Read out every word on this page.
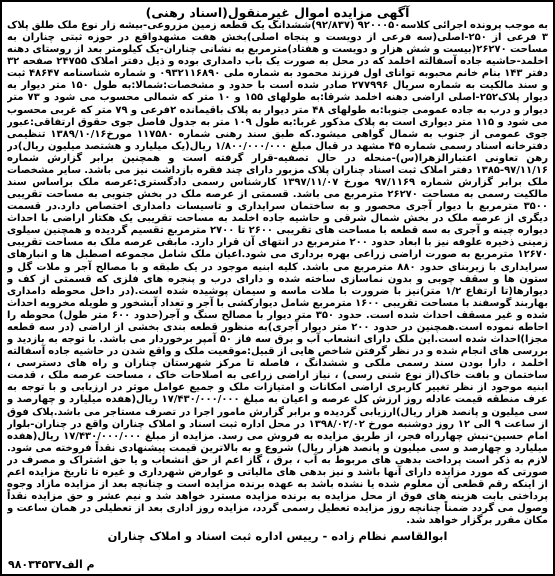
آگهی مزایده اموال غیرمنقول(اسناد رهنی)
به موجب پرونده اجرائی کلاسه۹۲۰۰۰۵۰ (۹۲/۸۳۷)ششدانگ یک قطعه زمین مزروعی-بیشه زار نوع ملک طلق پلاک ۳ فرعی از ۲۵۰-اصلی(سه فرعی از دویست و پنجاه اصلی)بخش هفت مشهدواقع در حوزه ثبتی چناران به مساحت ۲۶۲۷۰(بیست و شش هزار و دویست و هفتاد)مترمربع به نشانی چناران-یک کیلومتر بعد از روستای دهنه اخلمد-حاشیه جاده آسفالته اخلمد که در محل به صورت یک باب دامداری بوده و ذیل دفتر املاک ۲۴۷۵۵ صفحه ۳۲ دفتر ۱۴۳ بنام خانم محبوبه توانای اول فرزند محمود به شماره ملی ۰۹۳۲۱۱۶۸۹۰ و شماره شناسنامه ۴۸۶۴۷ ثبت و سند مالکیت به شماره سریال ۲۷۷۹۹۶ صادر شده است با حدود و مشخصات:شمالا:به طول ۱۵۰ متر دیوار به دیوار پلاک۲۵۲-اصلی اراضی دهنه اخلمد شرقا:به طولهای ۱۵۵ و ۱۰ متر که شمالی محسوب می شود و ۷۳ متر دیوار و درب به جاده عمومی جنوبا:به طولهای ۴۸ متر دیوار به پلاک باقیمانده ۲فرعی و ۷۹ متر که غربی محسوب می شود و ۱۱۵ متر دیواری است به پلاک مذکور غربا:به طول ۱۰۹ متر به جدول فاصل جوی حقوق ارتفاقی:عبور جوی عمومی از جنوب به شمال گواهی میشود.که طبق سند رهنی شماره ۱۱۷۵۸۰ مورخ۱۳۸۹/۱۰/۱۶ تنظیمی دفترخانه اسناد رسمی شماره ۴۵ مشهد در قبال مبلغ ۱/۸۰۰/۰۰۰/۰۰۰ ریال(یک میلیارد و هشتصد میلیون ریال)در رهن تعاونی اعتبارالزهرا(س)-منحله در حال تصفیه-قرار گرفته است و همچنین برابر گزارش شماره ۹۷/۱۱/۱۶-۱۳۸۵ دفتر املاک ثبت اسناد چناران پلاک مزبور دارای چند فقره بازداشت نیز می باشد. سایر مشخصات ملک برابر گزارش شماره ۹۷/۱۱۶۹ مورخ ۱۳۹۷/۱۱/۰۷ کارشناس رسمی دادگستری:عرصه ملک براساس سند مالکیت رسمی به مساحت ۲۶۲۷۰ مترمربع می باشد. قسمتی از عرصه ملک در بخش جنوبی به مساحت تقریبی ۳۵۰۰ مترمربع با دیوار آجری محصور و به ساختمان سرایداری و تاسیسات دامداری اختصاص دارد.در قسمت دیگری از عرصه ملک در بخش شمال شرقی و حاشیه جاده اخلمد به مساحت تقریبی یک هکتار اراضی با احداث دیواره چینه و آجری به سه قطعه با مساحت های تقریبی ۲۶۰۰ تا ۲۷۰۰ مترمربع تقسیم گردیده و همچنین سیلوی زمینی ذخیره علوفه نیز با ابعاد حدود ۲۰۰ مترمربع در انتهای آن قرار دارد. مابقی عرصه ملک به مساحت تقریبی ۱۲۶۷۰ مترمربع به صورت اراضی زراعی بهره برداری می شود.اعیان ملک شامل مجموعه اصطبل ها و انبارهای سرایداری با زیربنای حدود ۸۸۰ مترمربع می باشد. کلیه ابنیه موجود در یک طبقه و با مصالح آجر و ملات گل و ستون ها و سقف چوبی و بدون نماسازی ساخته شده و دارای درب و پنجره های فلزی که قسمتی از کف و دیوارها(تا ارتفاع ۱/۲ متر)نیز با ضرورت با ملات ماسه و سیمان پوشیده شده است.(در داخل محوطه دامداری بهاربند گوسفند با مساحت تقریبی ۱۶۰۰ مترمربع شامل دیوارکشی با آجر و تعداد آبشخور و طویله مخروبه احداث شده و غیر مسقف احداث شده است. حدود ۳۵۰ متر دیوار با مصالح سنگ و آجر(حدود ۶۰۰ متر طول) محوطه را احاطه نموده است.همچنین در حدود ۲۰۰ متر دیوار آجری)به منظور قطعه بندی بخشی از اراضی (در سه قطعه مجزا)احداث شده است.این ملک دارای انشعاب آب و برق سه فاز ۵۰ آمپر برخوردار می باشد. با توجه به بازدید و بررسی های انجام شده و در نظر گرفتن شاخص هایی از قبیل:موقعیت ملک و واقع شدن در حاشیه جاده آسفالته اخلمد ، دارا بودن سند رسمی ملکی و ششدانگ ، فاصله تا مرکز شهرستان چناران و راه های دسترسی ، ساختمان و بافت خاک(از نوع شنی رسی) ، نیاز اراضی زراعی به اصلاحات خاک ، مساحت عرصه ملک ، قدمت ابنیه موجود از نظر تغییر کاربری اراضی امکانات و امتیازات ملک و جمیع عوامل موثر در ارزیابی و با توجه به عرف منطقه قیمت عادله روز ارزش کل عرصه و اعیان به مبلغ ۱۷/۴۳۰/۰۰۰/۰۰۰ ریال(هفده میلیارد و چهارصد و سی میلیون و پانصد هزار ریال)ارزیابی گردیده و برابر گزارش مامور اجرا در تصرف مستاجر می باشد.پلاک فوق از ساعت ۹ الی ۱۲ روز دوشنبه مورخ ۱۳۹۸/۰۲/۰۲ در محل اداره ثبت اسناد و املاک چناران واقع در چناران-بلوار امام حسین-نبش چهارراه فجر، از طریق مزایده به فروش می رسد. مزایده از مبلغ ۱۷/۴۳۰/۰۰۰/۰۰۰ ریال(هفده میلیارد و چهارصد و سی میلیون و پانصد هزار ریال) شروع و به بالاترین قیمت پیشنهادی نقداً فروخته می شود. لازم به ذکر است پرداخت بدهی های مربوط به آب ، برق ، گاز اعم از حق انشعاب و یا حق اشتراک و مصرف در صورتی که مورد مزایده دارای آنها باشد و نیز بدهی های مالیاتی و عوارض شهرداری و غیره تا تاریخ مزایده اعم از اینکه رقم قطعی آن معلوم شده یا نشده باشد به عهده برنده مزایده است و چنانچه بعد از مزایده مازاد وجوه پرداختی بابت هزینه های فوق از محل مزایده به برنده مزایده مسترد خواهد شد و نیم عشر و حق مزایده نقداً وصول می گردد ضمناً چنانچه روز مزایده تعطیل رسمی گردد، مزایده روز اداری بعد از تعطیلی در همان ساعت و مکان مقرر برگزار خواهد شد.
ابوالقاسم نظام زاده - رییس اداره ثبت اسناد و املاک چناران
م الف۹۸۰۳۴۵۳۷
